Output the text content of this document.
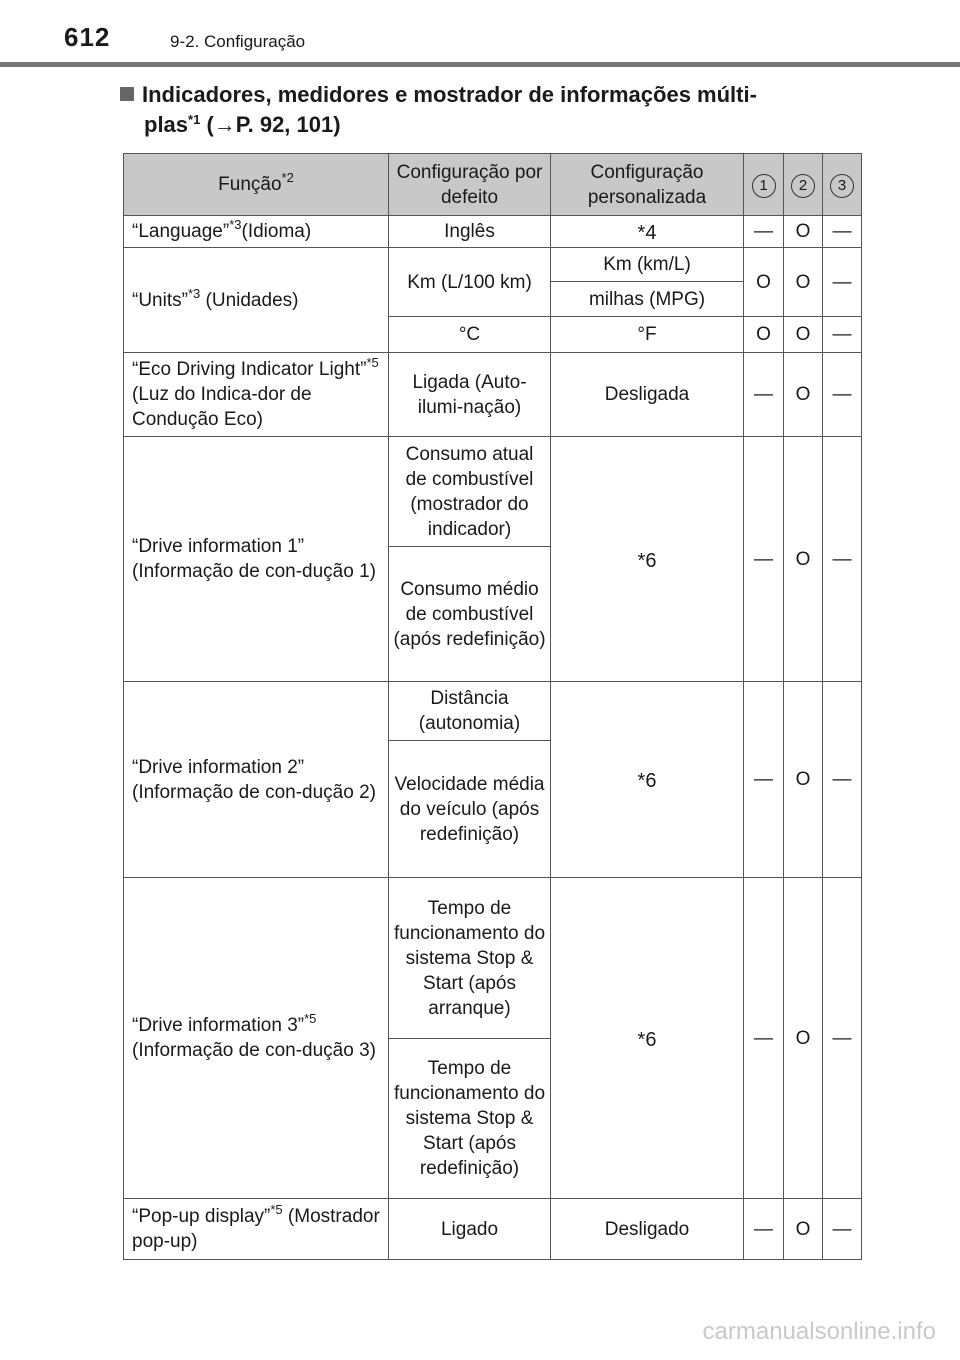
612	9-2. Configuração
Indicadores, medidores e mostrador de informações múlti-
plas$^{*1}$ (→P. 92, 101)
Função$^{*2}$	Configuração por defeito	Configuração personalizada	1	2	3
“Language”$^{*3}$(Idioma)	Inglês	*4	—	O	—
“Units”$^{*3}$ (Unidades)	Km (L/100 km)	Km (km/L)	O	O	—
		milhas (MPG)			
	°C	°F	O	O	—
“Eco Driving Indicator Light”$^{*5}$ (Luz do Indica-dor de Condução Eco)	Ligada (Auto-ilumi-nação)	Desligada	—	O	—
“Drive information 1” (Informação de con-dução 1)	Consumo atual de combustível (mostrador do indicador)	*6	—	O	—
	Consumo médio de combustível (após redefinição)				
“Drive information 2” (Informação de con-dução 2)	Distância (autonomia)	*6	—	O	—
	Velocidade média do veículo (após redefinição)				
“Drive information 3”$^{*5}$ (Informação de con-dução 3)	Tempo de funcionamento do sistema Stop & Start (após arranque)	*6	—	O	—
	Tempo de funcionamento do sistema Stop & Start (após redefinição)				
“Pop-up display”$^{*5}$ (Mostrador pop-up)	Ligado	Desligado	—	O	—
carmanualsonline.info
